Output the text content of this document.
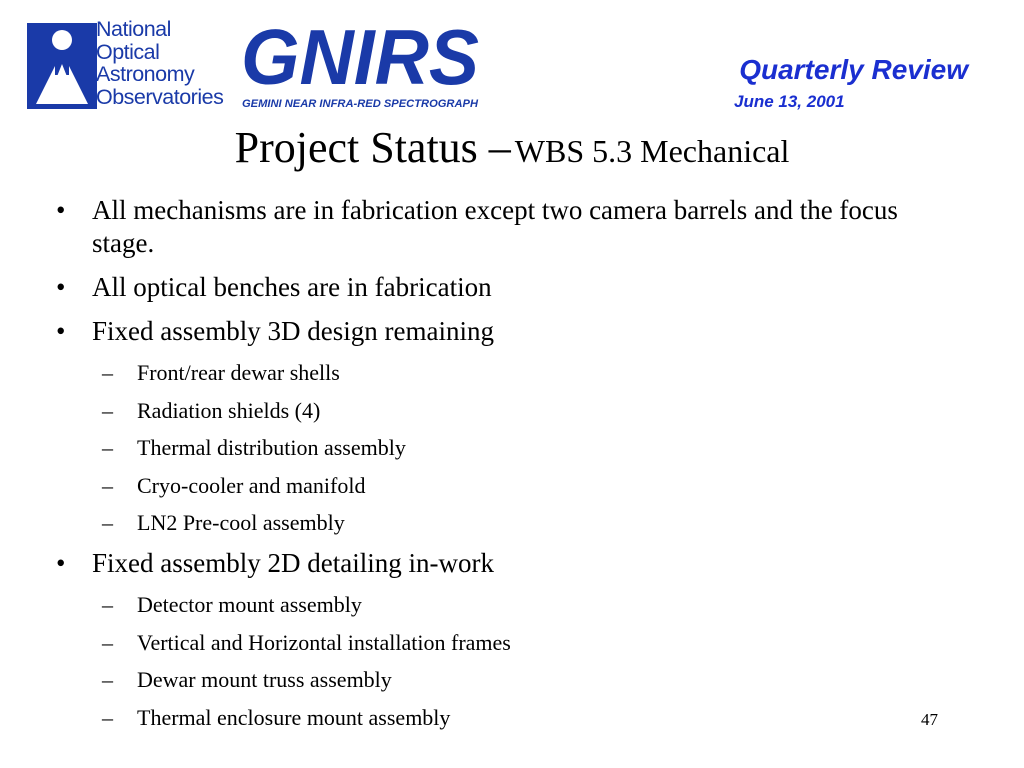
National
Optical
Astronomy
Observatories GNIRS
GEMINI NEAR INFRA-RED SPECTROGRAPH
Quarterly Review
June 13, 2001
Project Status – WBS 5.3 Mechanical
• All mechanisms are in fabrication except two camera barrels and the focus stage.
• All optical benches are in fabrication
• Fixed assembly 3D design remaining
– Front/rear dewar shells
– Radiation shields (4)
– Thermal distribution assembly
– Cryo-cooler and manifold
– LN2 Pre-cool assembly
• Fixed assembly 2D detailing in-work
– Detector mount assembly
– Vertical and Horizontal installation frames
– Dewar mount truss assembly
– Thermal enclosure mount assembly	47
